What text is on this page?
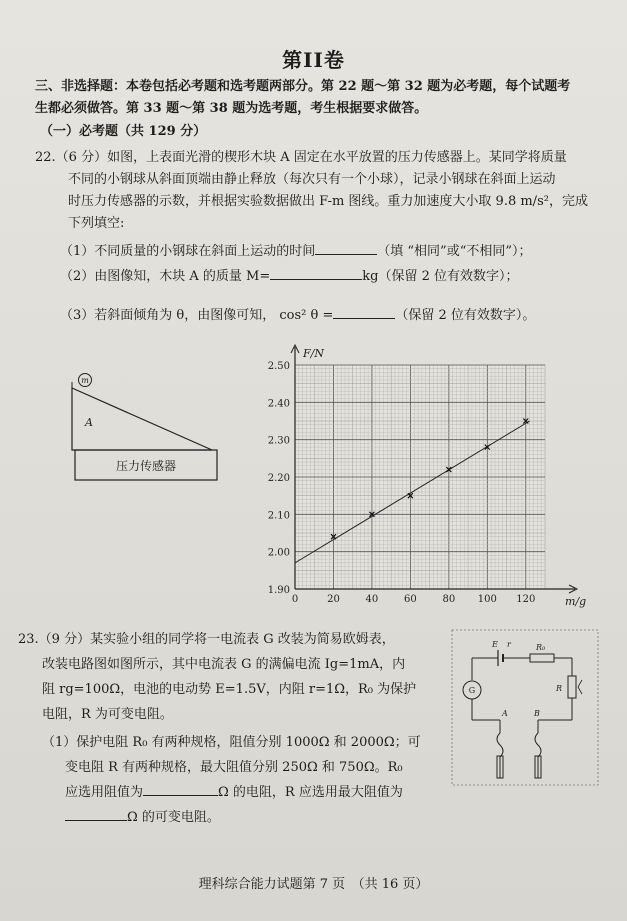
第II卷
三、非选择题：本卷包括必考题和选考题两部分。第 22 题～第 32 题为必考题，每个试题考
生都必须做答。第 33 题～第 38 题为选考题，考生根据要求做答。
（一）必考题（共 129 分）
22.（6 分）如图，上表面光滑的楔形木块 A 固定在水平放置的压力传感器上。某同学将质量
不同的小钢球从斜面顶端由静止释放（每次只有一个小球），记录小钢球在斜面上运动
时压力传感器的示数，并根据实验数据做出 F-m 图线。重力加速度大小取 9.8 m/s²，完成
下列填空:
（1）不同质量的小钢球在斜面上运动的时间	（填 “相同”或“不相同”）；
（2）由图像知，木块 A 的质量 M=	kg（保留 2 位有效数字）；
（3）若斜面倾角为 θ，由图像可知， cos² θ =	（保留 2 位有效数字）。
压力传感器
m
A
1.90
2.00
2.10
2.20
2.30
2.40
2.50
20	40	60	80 100 120
0
F/N
m/g
23.（9 分）某实验小组的同学将一电流表 G 改装为简易欧姆表，
改装电路图如图所示，其中电流表 G 的满偏电流 Ig=1mA，内
阻 rg=100Ω，电池的电动势 E=1.5V，内阻 r=1Ω，R₀ 为保护
电阻，R 为可变电阻。
（1）保护电阻 R₀ 有两种规格，阻值分别 1000Ω 和 2000Ω；可
变电阻 R 有两种规格，最大阻值分别 250Ω 和 750Ω。R₀
应选用阻值为	Ω 的电阻，R 应选用最大阻值为
Ω 的可变电阻。
E r	R₀
G	R
A	B
理科综合能力试题第 7 页　（共 16 页）
